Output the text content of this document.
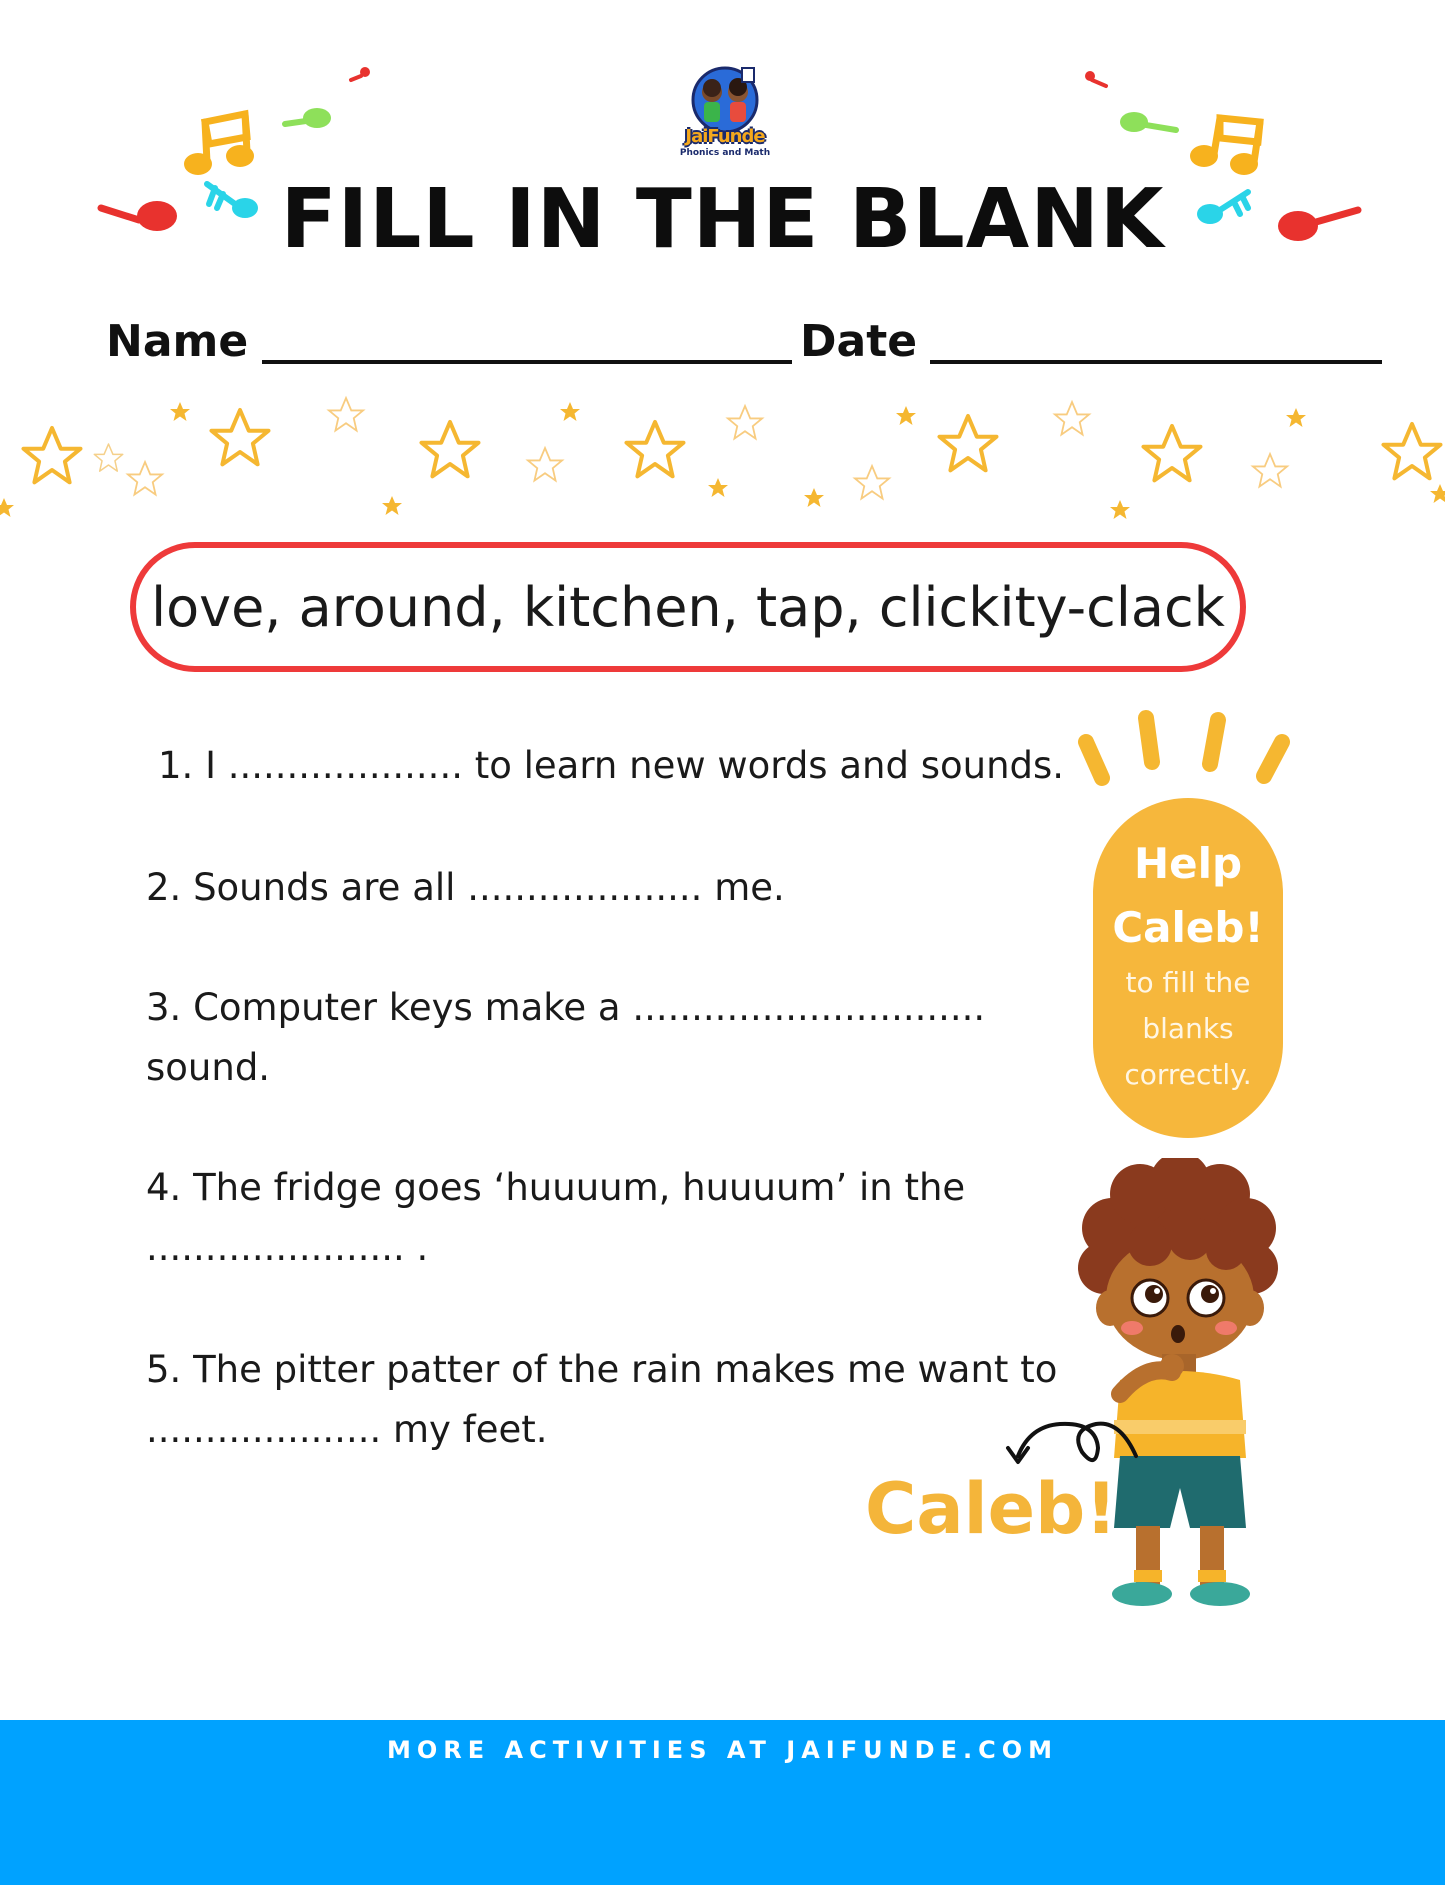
JaiFunde
Phonics and Math
FILL IN THE BLANK
Name	Date
love, around, kitchen, tap, clickity-clack
1. I .................... to learn new words and sounds.
2. Sounds are all .................... me.
3. Computer keys make a ..............................
sound.
4. The fridge goes ‘huuuum, huuuum’ in the
...................... .
5. The pitter patter of the rain makes me want to
.................... my feet.
Help
Caleb!
to fill the
blanks
correctly.
Caleb!
MORE ACTIVITIES AT JAIFUNDE.COM
